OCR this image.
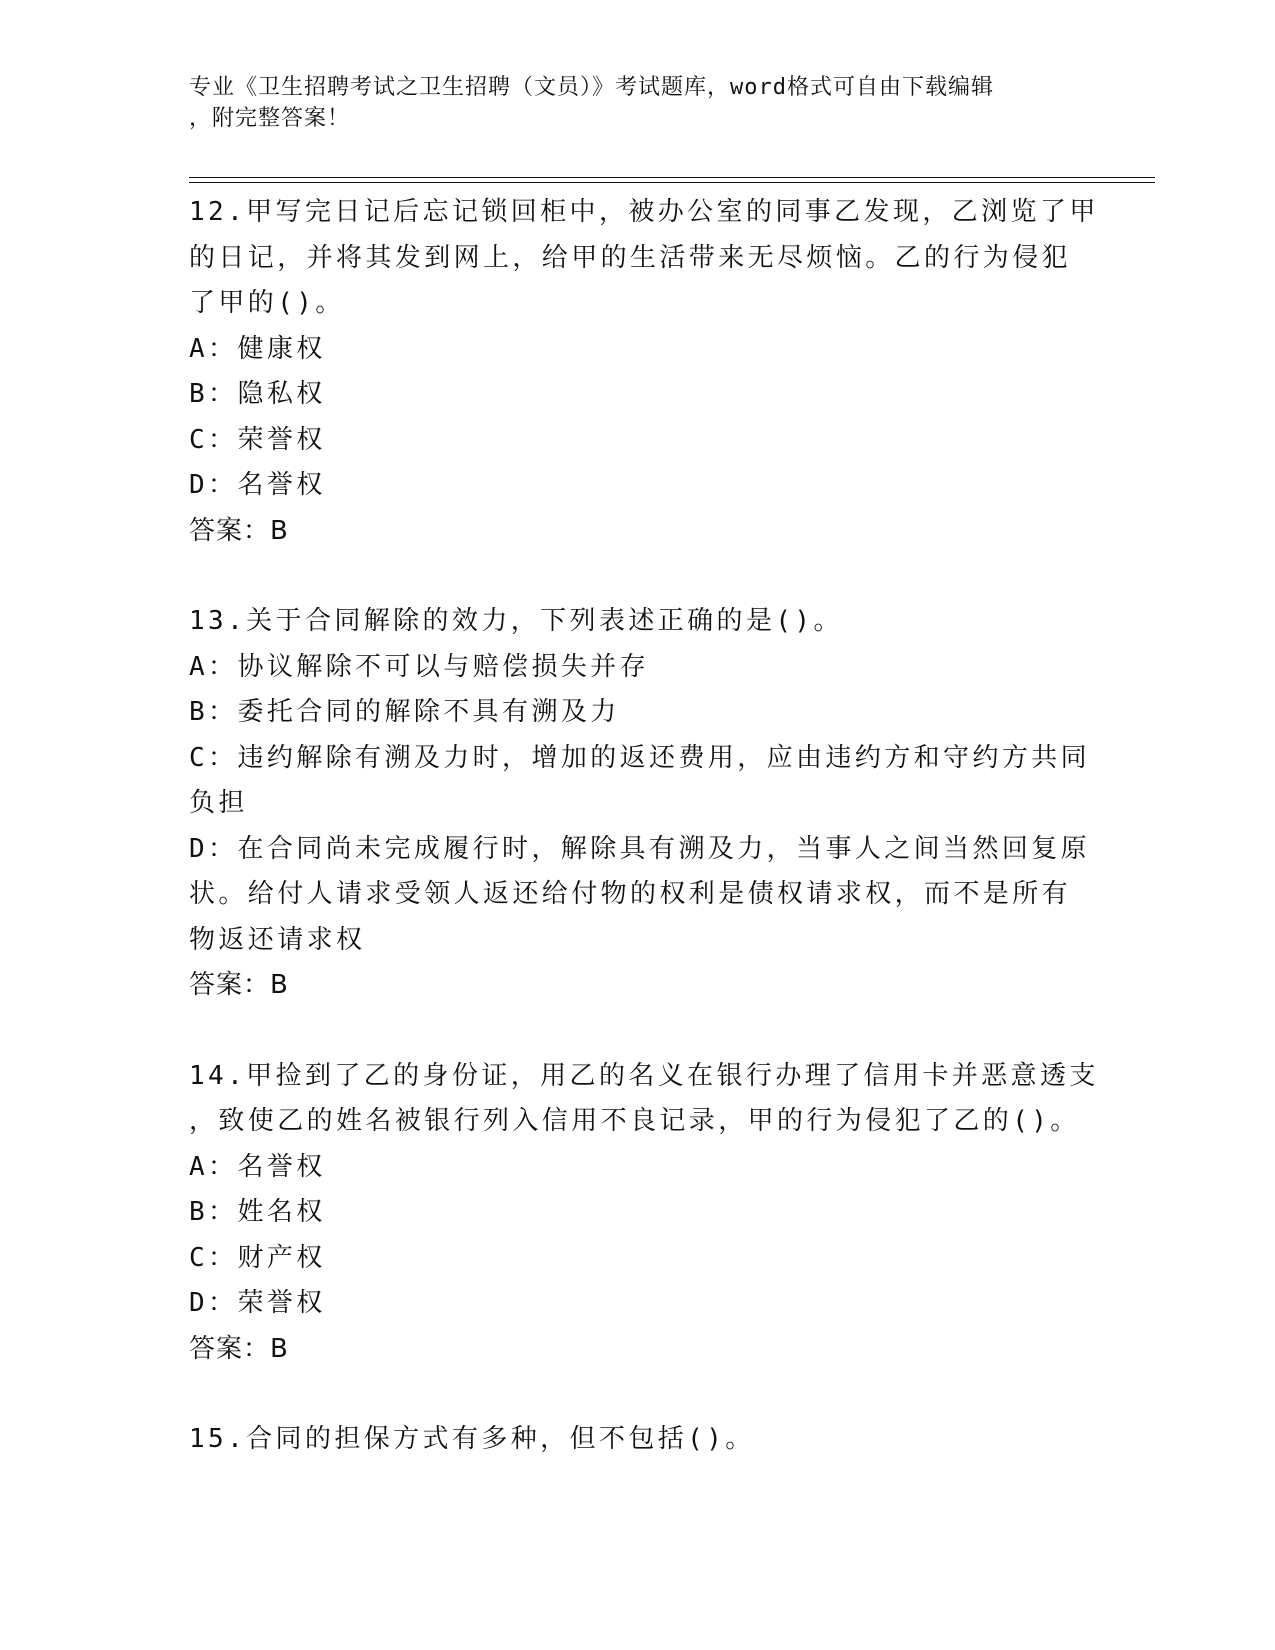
专业《卫生招聘考试之卫生招聘（文员）》考试题库，word格式可自由下载编辑
，附完整答案！
12.甲写完日记后忘记锁回柜中，被办公室的同事乙发现，乙浏览了甲
的日记，并将其发到网上，给甲的生活带来无尽烦恼。乙的行为侵犯
了甲的()。
A：健康权
B：隐私权
C：荣誉权
D：名誉权
答案：B
13.关于合同解除的效力，下列表述正确的是()。
A：协议解除不可以与赔偿损失并存
B：委托合同的解除不具有溯及力
C：违约解除有溯及力时，增加的返还费用，应由违约方和守约方共同
负担
D：在合同尚未完成履行时，解除具有溯及力，当事人之间当然回复原
状。给付人请求受领人返还给付物的权利是债权请求权，而不是所有
物返还请求权
答案：B
14.甲捡到了乙的身份证，用乙的名义在银行办理了信用卡并恶意透支
，致使乙的姓名被银行列入信用不良记录，甲的行为侵犯了乙的()。
A：名誉权
B：姓名权
C：财产权
D：荣誉权
答案：B
15.合同的担保方式有多种，但不包括()。
